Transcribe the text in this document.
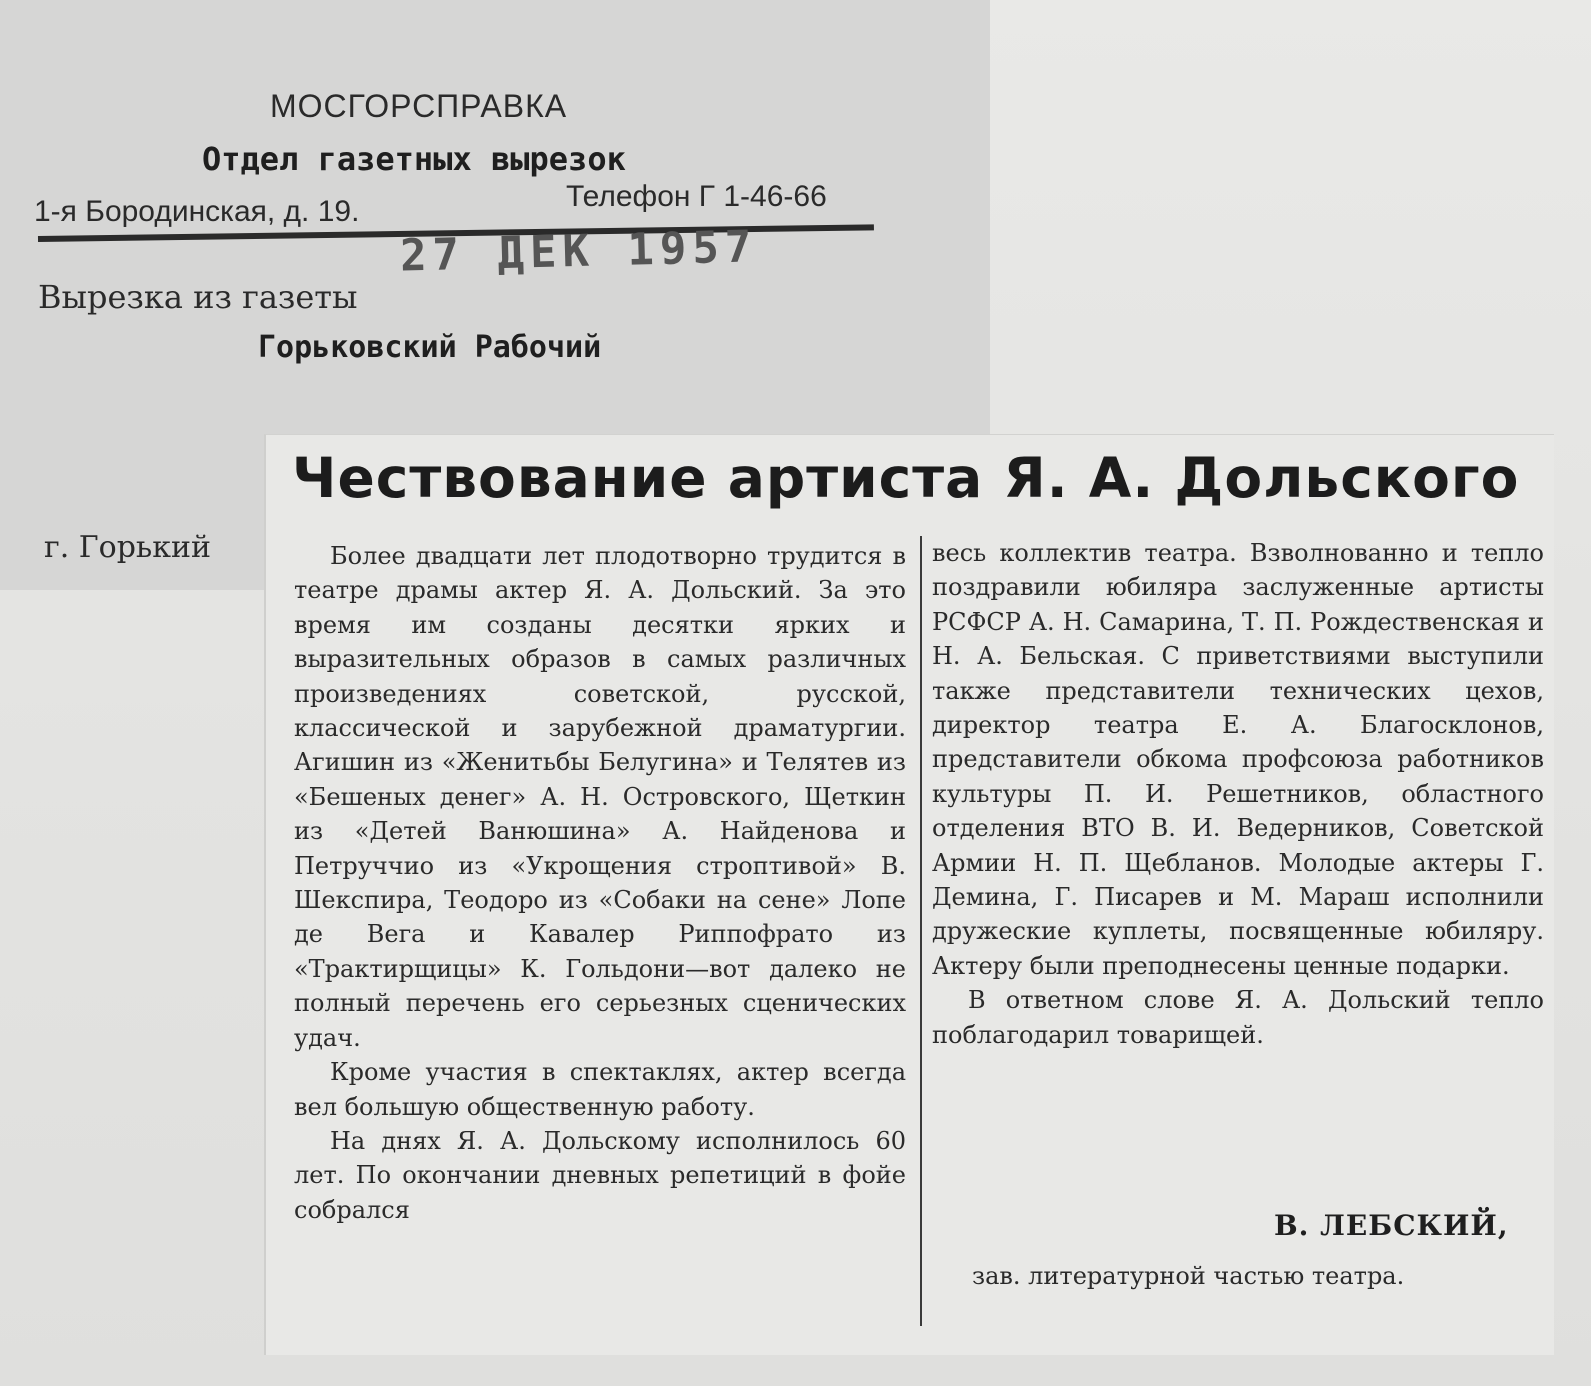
МОСГОРСПРАВКА
Отдел газетных вырезок
1-я Бородинская, д. 19.	Телефон Г 1-46-66
27 ДЕК 1957
Вырезка из газеты
Горьковский Рабочий
г. Горький
Чествование артиста Я. А. Дольского

Более двадцати лет плодотворно трудится в театре драмы актер Я. А. Дольский. За это время им созданы десятки ярких и выразительных образов в самых различных произведениях советской, русской, классической и зарубежной драматургии. Агишин из «Женитьбы Белугина» и Телятев из «Бешеных денег» А. Н. Островского, Щеткин из «Детей Ванюшина» А. Найденова и Петруччио из «Укрощения строптивой» В. Шекспира, Теодоро из «Собаки на сене» Лопе де Вега и Кавалер Риппофрато из «Трактирщицы» К. Гольдони—вот далеко не полный перечень его серьезных сценических удач.

Кроме участия в спектаклях, актер всегда вел большую общественную работу.

На днях Я. А. Дольскому исполнилось 60 лет. По окончании дневных репетиций в фойе собрался

весь коллектив театра. Взволнованно и тепло поздравили юбиляра заслуженные артисты РСФСР А. Н. Самарина, Т. П. Рождественская и Н. А. Бельская. С приветствиями выступили также представители технических цехов, директор театра Е. А. Благосклонов, представители обкома профсоюза работников культуры П. И. Решетников, областного отделения ВТО В. И. Ведерников, Советской Армии Н. П. Щебланов. Молодые актеры Г. Демина, Г. Писарев и М. Мараш исполнили дружеские куплеты, посвященные юбиляру. Актеру были преподнесены ценные подарки.

В ответном слове Я. А. Дольский тепло поблагодарил товарищей.

В. ЛЕБСКИЙ,
зав. литературной частью театра.
